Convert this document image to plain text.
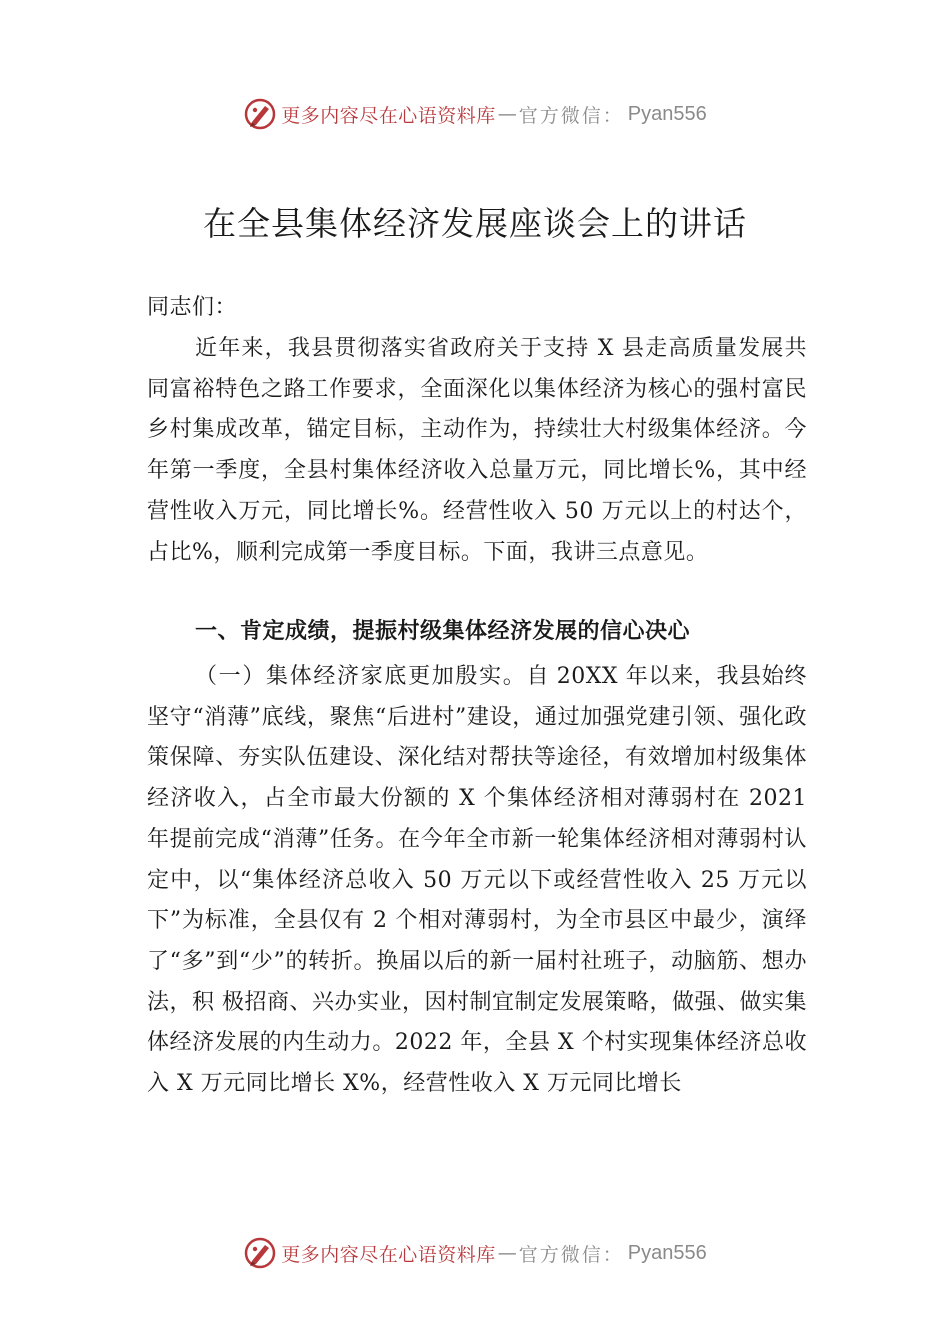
更多内容尽在心语资料库 — 官方微信： Pyan556
在全县集体经济发展座谈会上的讲话

同志们：

近年来，我县贯彻落实省政府关于支持 X 县走高质量发展共同富裕特色之路工作要求，全面深化以集体经济为核心的强村富民乡村集成改革，锚定目标，主动作为，持续壮大村级集体经济。今年第一季度，全县村集体经济收入总量万元，同比增长%，其中经营性收入万元，同比增长%。经营性收入 50 万元以上的村达个，占比%，顺利完成第一季度目标。下面，我讲三点意见。

一、肯定成绩，提振村级集体经济发展的信心决心

（一）集体经济家底更加殷实。自 20XX 年以来，我县始终坚守“消薄”底线，聚焦“后进村”建设，通过加强党建引领、强化政策保障、夯实队伍建设、深化结对帮扶等途径，有效增加村级集体经济收入，占全市最大份额的 X 个集体经济相对薄弱村在 2021 年提前完成“消薄”任务。在今年全市新一轮集体经济相对薄弱村认定中，以“集体经济总收入 50 万元以下或经营性收入 25 万元以下”为标准，全县仅有 2 个相对薄弱村，为全市县区中最少，演绎了“多”到“少”的转折。换届以后的新一届村社班子，动脑筋、想办法，积 极招商、兴办实业，因村制宜制定发展策略，做强、做实集体经济发展的内生动力。2022 年，全县 X 个村实现集体经济总收入 X 万元同比增长 X%，经营性收入 X 万元同比增长

更多内容尽在心语资料库 — 官方微信： Pyan556
